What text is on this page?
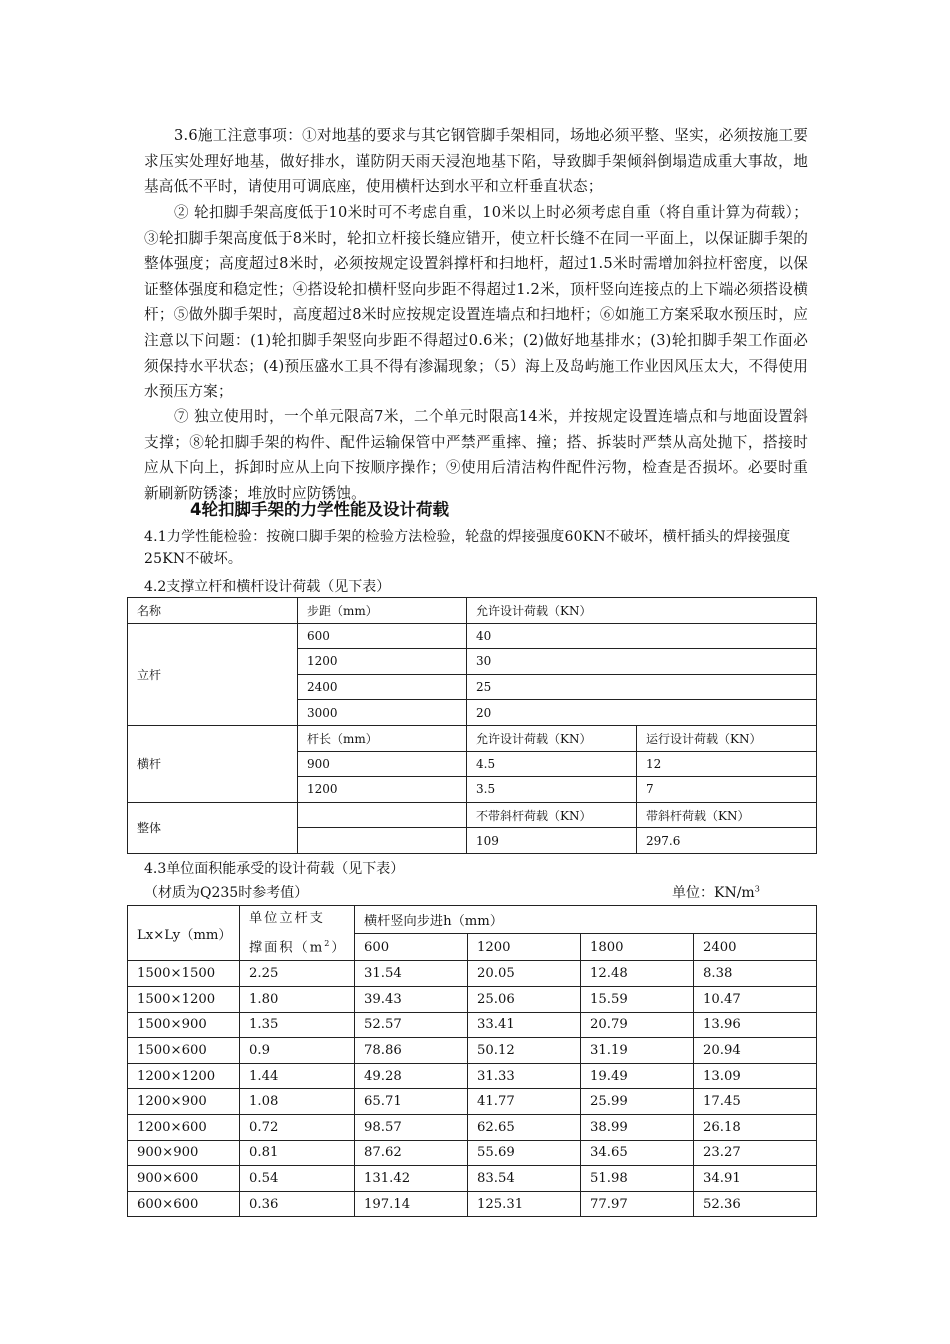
3.6施工注意事项：①对地基的要求与其它钢管脚手架相同，场地必须平整、坚实，必须按施工要求压实处理好地基，做好排水，谨防阴天雨天浸泡地基下陷，导致脚手架倾斜倒塌造成重大事故，地基高低不平时，请使用可调底座，使用横杆达到水平和立杆垂直状态；

② 轮扣脚手架高度低于10米时可不考虑自重，10米以上时必须考虑自重（将自重计算为荷载）；③轮扣脚手架高度低于8米时，轮扣立杆接长缝应错开，使立杆长缝不在同一平面上，以保证脚手架的整体强度；高度超过8米时，必须按规定设置斜撑杆和扫地杆，超过1.5米时需增加斜拉杆密度，以保证整体强度和稳定性；④搭设轮扣横杆竖向步距不得超过1.2米，顶杆竖向连接点的上下端必须搭设横杆；⑤做外脚手架时，高度超过8米时应按规定设置连墙点和扫地杆；⑥如施工方案采取水预压时，应注意以下问题：(1)轮扣脚手架竖向步距不得超过0.6米；(2)做好地基排水；(3)轮扣脚手架工作面必须保持水平状态；(4)预压盛水工具不得有渗漏现象；（5）海上及岛屿施工作业因风压太大，不得使用水预压方案；

⑦ 独立使用时，一个单元限高7米，二个单元时限高14米，并按规定设置连墙点和与地面设置斜支撑；⑧轮扣脚手架的构件、配件运输保管中严禁严重摔、撞；搭、拆装时严禁从高处抛下，搭接时应从下向上，拆卸时应从上向下按顺序操作；⑨使用后清洁构件配件污物，检查是否损坏。必要时重新刷新防锈漆；堆放时应防锈蚀。

4轮扣脚手架的力学性能及设计荷载

4.1力学性能检验：按碗口脚手架的检验方法检验，轮盘的焊接强度60KN不破坏，横杆插头的焊接强度25KN不破坏。

4.2支撑立杆和横杆设计荷载（见下表）

名称	步距（mm）	允许设计荷载（KN）	
立杆	600	40	
	1200	30	
	2400	25	
	3000	20	
横杆	杆长（mm）	允许设计荷载（KN）	运行设计荷载（KN）
	900	4.5	12
	1200	3.5	7
整体		不带斜杆荷载（KN）	带斜杆荷载（KN）
		109	297.6

4.3单位面积能承受的设计荷载（见下表）

（材质为Q235时参考值）	单位：$KN/m^3$

Lx×Ly（mm）	单位立杆支
撑面积$(m^2)$	横杆竖向步进h（mm）			
		600	1200	1800	2400
1500×1500	2.25	31.54	20.05	12.48	8.38
1500×1200	1.80	39.43	25.06	15.59	10.47
1500×900	1.35	52.57	33.41	20.79	13.96
1500×600	0.9	78.86	50.12	31.19	20.94
1200×1200	1.44	49.28	31.33	19.49	13.09
1200×900	1.08	65.71	41.77	25.99	17.45
1200×600	0.72	98.57	62.65	38.99	26.18
900×900	0.81	87.62	55.69	34.65	23.27
900×600	0.54	131.42	83.54	51.98	34.91
600×600	0.36	197.14	125.31	77.97	52.36
